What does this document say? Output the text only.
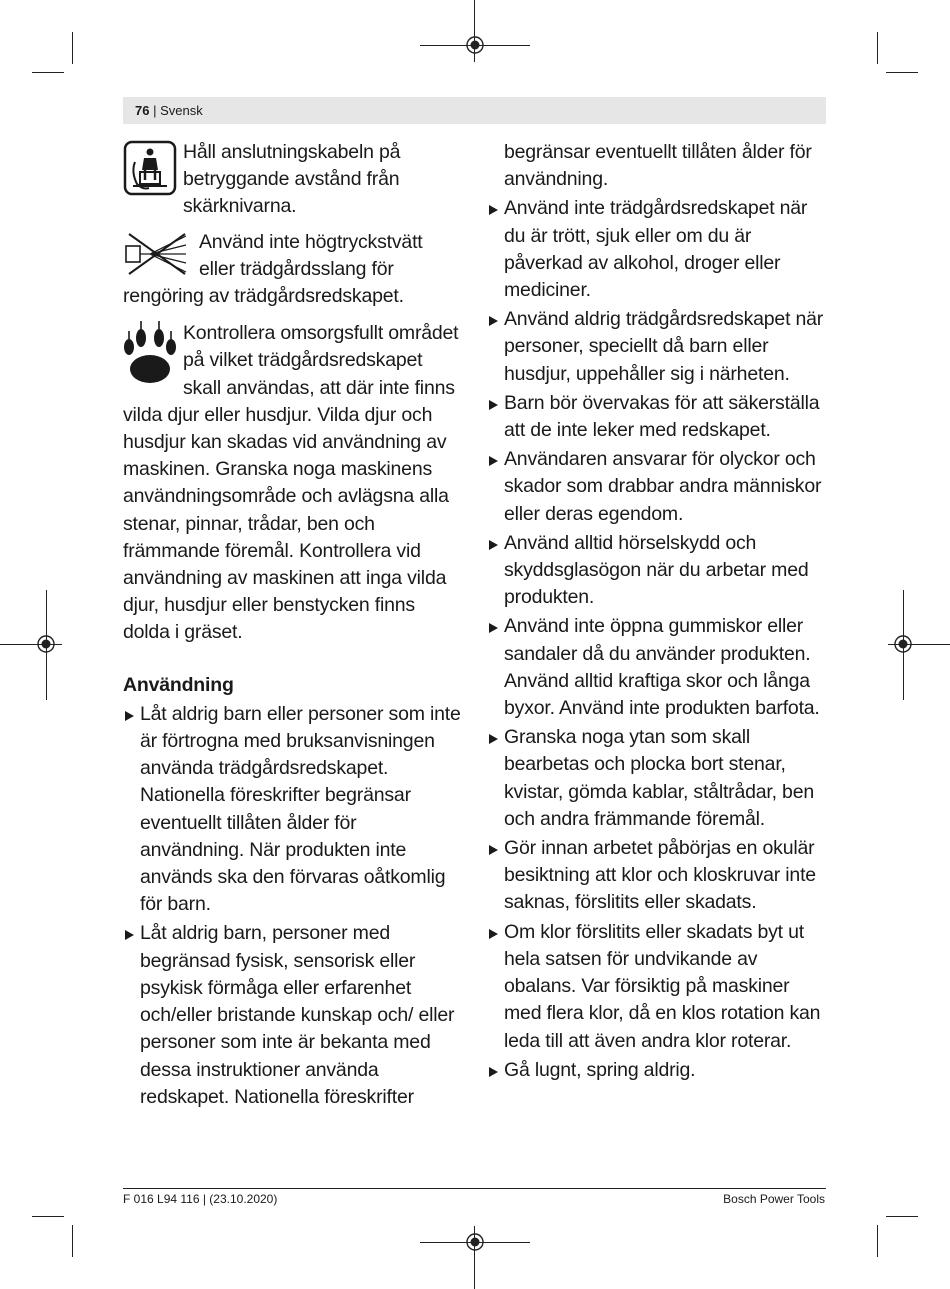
76 | Svensk

Håll anslutningskabeln på betryggande avstånd från skärknivarna.

Använd inte högtryckstvätt eller trädgårdsslang för rengöring av trädgårdsredskapet.

Kontrollera omsorgsfullt området på vilket trädgårdsredskapet skall användas, att där inte finns vilda djur eller husdjur. Vilda djur och husdjur kan skadas vid användning av maskinen. Granska noga maskinens användningsområde och avlägsna alla stenar, pinnar, trådar, ben och främmande föremål. Kontrollera vid användning av maskinen att inga vilda djur, husdjur eller benstycken finns dolda i gräset.

Användning
Låt aldrig barn eller personer som inte är förtrogna med bruksanvisningen använda trädgårdsredskapet. Nationella föreskrifter begränsar eventuellt tillåten ålder för användning. När produkten inte används ska den förvaras oåtkomlig för barn.
Låt aldrig barn, personer med begränsad fysisk, sensorisk eller psykisk förmåga eller erfarenhet och/eller bristande kunskap och/ eller personer som inte är bekanta med dessa instruktioner använda redskapet. Nationella föreskrifter
begränsar eventuellt tillåten ålder för användning.
Använd inte trädgårdsredskapet när du är trött, sjuk eller om du är påverkad av alkohol, droger eller mediciner.
Använd aldrig trädgårdsredskapet när personer, speciellt då barn eller husdjur, uppehåller sig i närheten.
Barn bör övervakas för att säkerställa att de inte leker med redskapet.
Användaren ansvarar för olyckor och skador som drabbar andra människor eller deras egendom.
Använd alltid hörselskydd och skyddsglasögon när du arbetar med produkten.
Använd inte öppna gummiskor eller sandaler då du använder produkten. Använd alltid kraftiga skor och långa byxor. Använd inte produkten barfota.
Granska noga ytan som skall bearbetas och plocka bort stenar, kvistar, gömda kablar, ståltrådar, ben och andra främmande föremål.
Gör innan arbetet påbörjas en okulär besiktning att klor och kloskruvar inte saknas, förslitits eller skadats.
Om klor förslitits eller skadats byt ut hela satsen för undvikande av obalans. Var försiktig på maskiner med flera klor, då en klos rotation kan leda till att även andra klor roterar.
Gå lugnt, spring aldrig.
F 016 L94 116 | (23.10.2020)	Bosch Power Tools
